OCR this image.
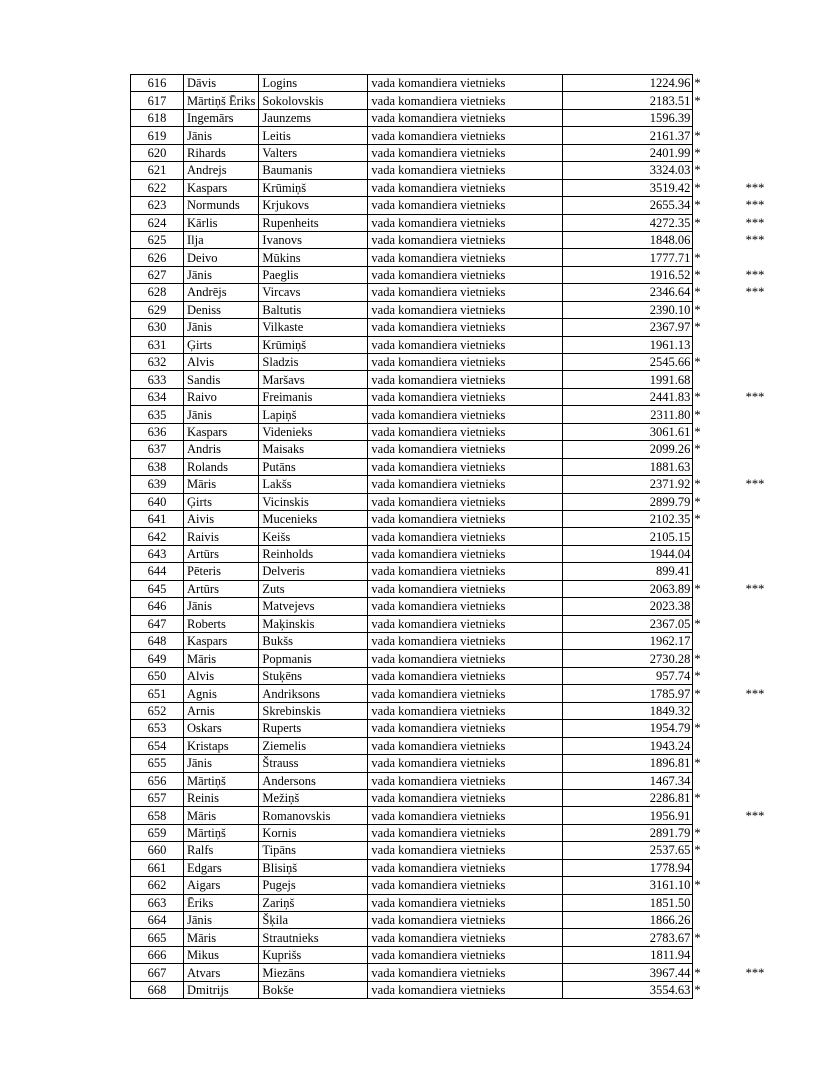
616	Dāvis	Logins	vada komandiera vietnieks	1224.96	*	
617	Mārtiņš Ēriks	Sokolovskis	vada komandiera vietnieks	2183.51	*	
618	Ingemārs	Jaunzems	vada komandiera vietnieks	1596.39		
619	Jānis	Leitis	vada komandiera vietnieks	2161.37	*	
620	Rihards	Valters	vada komandiera vietnieks	2401.99	*	
621	Andrejs	Baumanis	vada komandiera vietnieks	3324.03	*	
622	Kaspars	Krūmiņš	vada komandiera vietnieks	3519.42	*	***
623	Normunds	Krjukovs	vada komandiera vietnieks	2655.34	*	***
624	Kārlis	Rupenheits	vada komandiera vietnieks	4272.35	*	***
625	Ilja	Ivanovs	vada komandiera vietnieks	1848.06		***
626	Deivo	Mūkins	vada komandiera vietnieks	1777.71	*	
627	Jānis	Paeglis	vada komandiera vietnieks	1916.52	*	***
628	Andrējs	Vircavs	vada komandiera vietnieks	2346.64	*	***
629	Deniss	Baltutis	vada komandiera vietnieks	2390.10	*	
630	Jānis	Vilkaste	vada komandiera vietnieks	2367.97	*	
631	Ģirts	Krūmiņš	vada komandiera vietnieks	1961.13		
632	Alvis	Sladzis	vada komandiera vietnieks	2545.66	*	
633	Sandis	Maršavs	vada komandiera vietnieks	1991.68		
634	Raivo	Freimanis	vada komandiera vietnieks	2441.83	*	***
635	Jānis	Lapiņš	vada komandiera vietnieks	2311.80	*	
636	Kaspars	Videnieks	vada komandiera vietnieks	3061.61	*	
637	Andris	Maisaks	vada komandiera vietnieks	2099.26	*	
638	Rolands	Putāns	vada komandiera vietnieks	1881.63		
639	Māris	Lakšs	vada komandiera vietnieks	2371.92	*	***
640	Ģirts	Vicinskis	vada komandiera vietnieks	2899.79	*	
641	Aivis	Mucenieks	vada komandiera vietnieks	2102.35	*	
642	Raivis	Keišs	vada komandiera vietnieks	2105.15		
643	Artūrs	Reinholds	vada komandiera vietnieks	1944.04		
644	Pēteris	Delveris	vada komandiera vietnieks	899.41		
645	Artūrs	Zuts	vada komandiera vietnieks	2063.89	*	***
646	Jānis	Matvejevs	vada komandiera vietnieks	2023.38		
647	Roberts	Maķinskis	vada komandiera vietnieks	2367.05	*	
648	Kaspars	Bukšs	vada komandiera vietnieks	1962.17		
649	Māris	Popmanis	vada komandiera vietnieks	2730.28	*	
650	Alvis	Stuķēns	vada komandiera vietnieks	957.74	*	
651	Agnis	Andriksons	vada komandiera vietnieks	1785.97	*	***
652	Arnis	Skrebinskis	vada komandiera vietnieks	1849.32		
653	Oskars	Ruperts	vada komandiera vietnieks	1954.79	*	
654	Kristaps	Ziemelis	vada komandiera vietnieks	1943.24		
655	Jānis	Štrauss	vada komandiera vietnieks	1896.81	*	
656	Mārtiņš	Andersons	vada komandiera vietnieks	1467.34		
657	Reinis	Mežiņš	vada komandiera vietnieks	2286.81	*	
658	Māris	Romanovskis	vada komandiera vietnieks	1956.91		***
659	Mārtiņš	Kornis	vada komandiera vietnieks	2891.79	*	
660	Ralfs	Tipāns	vada komandiera vietnieks	2537.65	*	
661	Edgars	Blisiņš	vada komandiera vietnieks	1778.94		
662	Aigars	Pugejs	vada komandiera vietnieks	3161.10	*	
663	Ēriks	Zariņš	vada komandiera vietnieks	1851.50		
664	Jānis	Šķila	vada komandiera vietnieks	1866.26		
665	Māris	Strautnieks	vada komandiera vietnieks	2783.67	*	
666	Mikus	Kuprišs	vada komandiera vietnieks	1811.94		
667	Atvars	Miezāns	vada komandiera vietnieks	3967.44	*	***
668	Dmitrijs	Bokše	vada komandiera vietnieks	3554.63	*	
